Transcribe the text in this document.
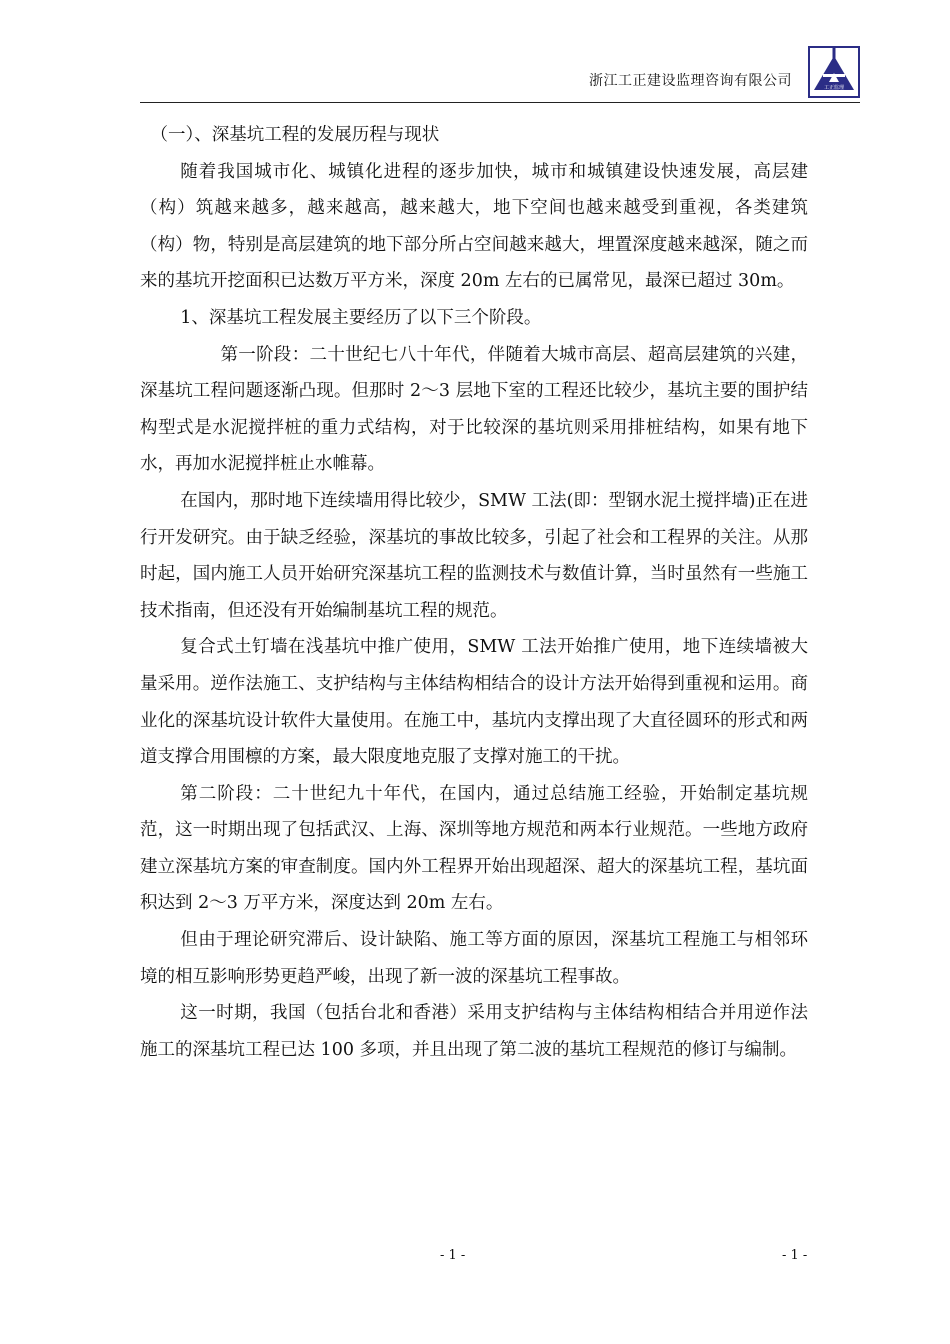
浙江工正建设监理咨询有限公司	工正监理

（一）、深基坑工程的发展历程与现状

随着我国城市化、城镇化进程的逐步加快，城市和城镇建设快速发展，高层建（构）筑越来越多，越来越高，越来越大，地下空间也越来越受到重视，各类建筑（构）物，特别是高层建筑的地下部分所占空间越来越大，埋置深度越来越深，随之而来的基坑开挖面积已达数万平方米，深度 20m 左右的已属常见，最深已超过 30m。

1、深基坑工程发展主要经历了以下三个阶段。

第一阶段：二十世纪七八十年代，伴随着大城市高层、超高层建筑的兴建，深基坑工程问题逐渐凸现。但那时 2～3 层地下室的工程还比较少，基坑主要的围护结构型式是水泥搅拌桩的重力式结构，对于比较深的基坑则采用排桩结构，如果有地下水，再加水泥搅拌桩止水帷幕。

在国内，那时地下连续墙用得比较少，SMW 工法(即：型钢水泥土搅拌墙)正在进行开发研究。由于缺乏经验，深基坑的事故比较多，引起了社会和工程界的关注。从那时起，国内施工人员开始研究深基坑工程的监测技术与数值计算，当时虽然有一些施工技术指南，但还没有开始编制基坑工程的规范。

复合式土钉墙在浅基坑中推广使用，SMW 工法开始推广使用，地下连续墙被大量采用。逆作法施工、支护结构与主体结构相结合的设计方法开始得到重视和运用。商业化的深基坑设计软件大量使用。在施工中，基坑内支撑出现了大直径圆环的形式和两道支撑合用围檩的方案，最大限度地克服了支撑对施工的干扰。

第二阶段：二十世纪九十年代，在国内，通过总结施工经验，开始制定基坑规范，这一时期出现了包括武汉、上海、深圳等地方规范和两本行业规范。一些地方政府建立深基坑方案的审查制度。国内外工程界开始出现超深、超大的深基坑工程，基坑面积达到 2～3 万平方米，深度达到 20m 左右。

但由于理论研究滞后、设计缺陷、施工等方面的原因，深基坑工程施工与相邻环境的相互影响形势更趋严峻，出现了新一波的深基坑工程事故。

这一时期，我国（包括台北和香港）采用支护结构与主体结构相结合并用逆作法施工的深基坑工程已达 100 多项，并且出现了第二波的基坑工程规范的修订与编制。

- 1 -	- 1 -
